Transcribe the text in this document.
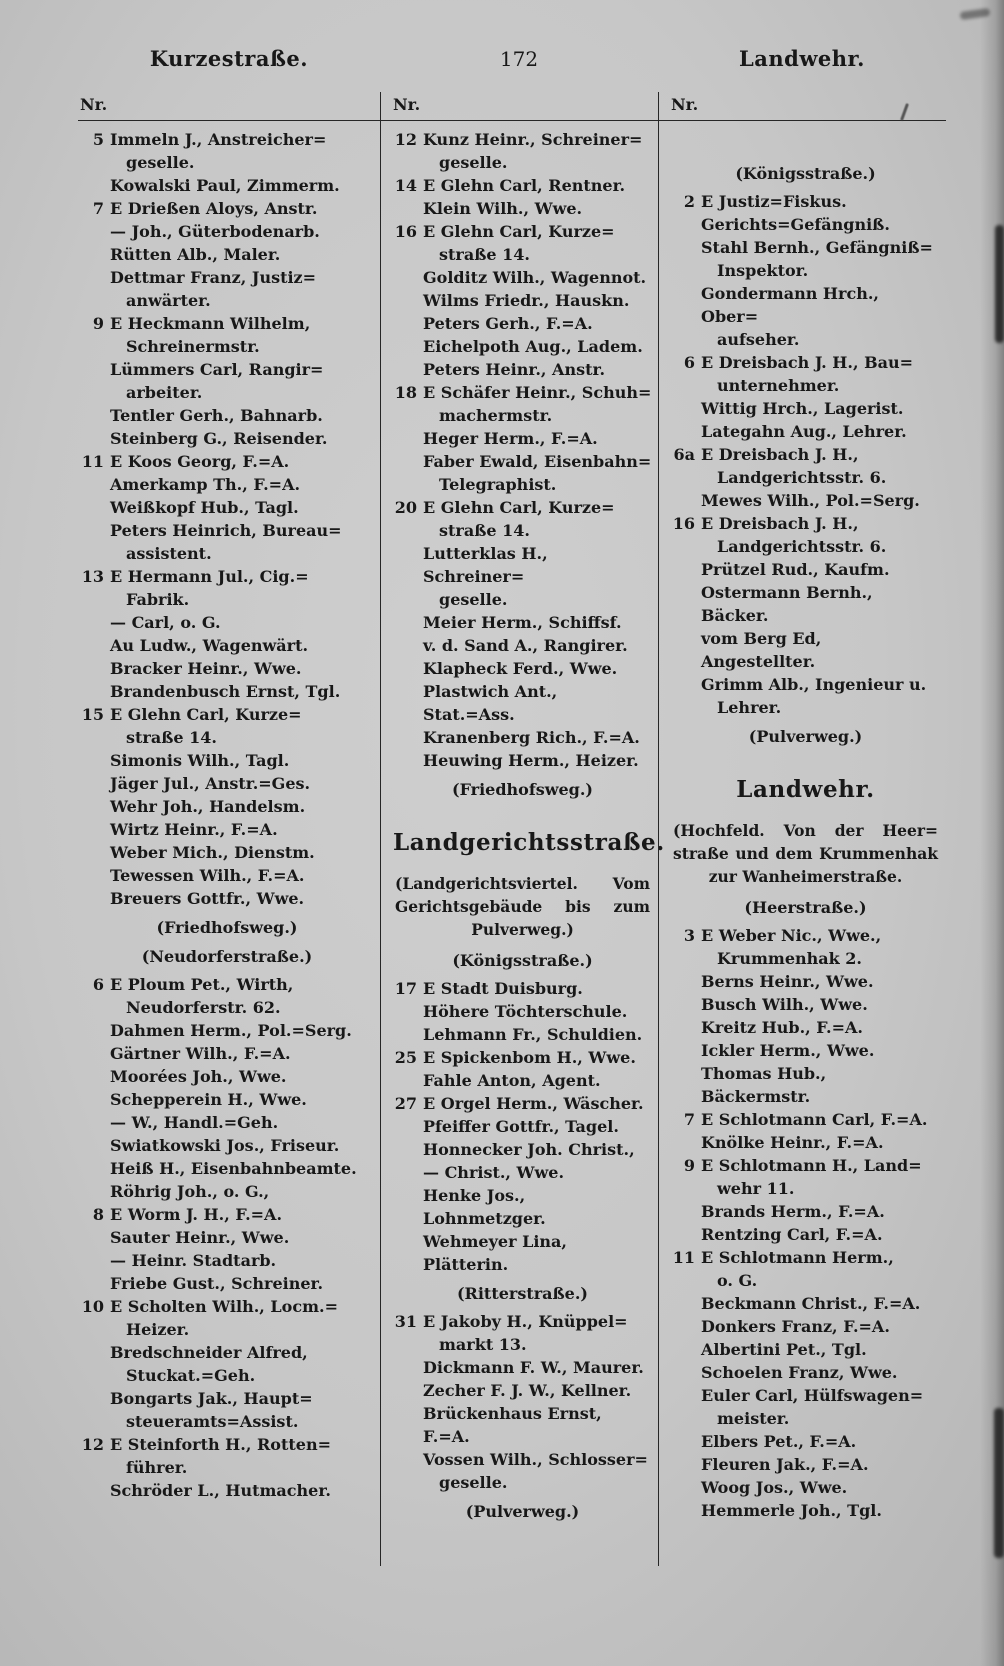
Kurzestraße.	172	Landwehr.
Nr.
5 Immeln J., Anstreicher=
geselle.
Kowalski Paul, Zimmerm.
7 E Drießen Aloys, Anstr.
— Joh., Güterbodenarb.
Rütten Alb., Maler.
Dettmar Franz, Justiz=
anwärter.
9 E Heckmann Wilhelm,
Schreinermstr.
Lümmers Carl, Rangir=
arbeiter.
Tentler Gerh., Bahnarb.
Steinberg G., Reisender.
11 E Koos Georg, F.=A.
Amerkamp Th., F.=A.
Weißkopf Hub., Tagl.
Peters Heinrich, Bureau=
assistent.
13 E Hermann Jul., Cig.=
Fabrik.
— Carl, o. G.
Au Ludw., Wagenwärt.
Bracker Heinr., Wwe.
Brandenbusch Ernst, Tgl.
15 E Glehn Carl, Kurze=
straße 14.
Simonis Wilh., Tagl.
Jäger Jul., Anstr.=Ges.
Wehr Joh., Handelsm.
Wirtz Heinr., F.=A.
Weber Mich., Dienstm.
Tewessen Wilh., F.=A.
Breuers Gottfr., Wwe.
(Friedhofsweg.)
(Neudorferstraße.)
6 E Ploum Pet., Wirth,
Neudorferstr. 62.
Dahmen Herm., Pol.=Serg.
Gärtner Wilh., F.=A.
Moorées Joh., Wwe.
Schepperein H., Wwe.
— W., Handl.=Geh.
Swiatkowski Jos., Friseur.
Heiß H., Eisenbahnbeamte.
Röhrig Joh., o. G.,
8 E Worm J. H., F.=A.
Sauter Heinr., Wwe.
— Heinr. Stadtarb.
Friebe Gust., Schreiner.
10 E Scholten Wilh., Locm.=
Heizer.
Bredschneider Alfred,
Stuckat.=Geh.
Bongarts Jak., Haupt=
steueramts=Assist.
12 E Steinforth H., Rotten=
führer.
Schröder L., Hutmacher.
Nr.
12 Kunz Heinr., Schreiner=
geselle.
14 E Glehn Carl, Rentner.
Klein Wilh., Wwe.
16 E Glehn Carl, Kurze=
straße 14.
Golditz Wilh., Wagennot.
Wilms Friedr., Hauskn.
Peters Gerh., F.=A.
Eichelpoth Aug., Ladem.
Peters Heinr., Anstr.
18 E Schäfer Heinr., Schuh=
machermstr.
Heger Herm., F.=A.
Faber Ewald, Eisenbahn=
Telegraphist.
20 E Glehn Carl, Kurze=
straße 14.
Lutterklas H., Schreiner=
geselle.
Meier Herm., Schiffsf.
v. d. Sand A., Rangirer.
Klapheck Ferd., Wwe.
Plastwich Ant., Stat.=Ass.
Kranenberg Rich., F.=A.
Heuwing Herm., Heizer.
(Friedhofsweg.)
Landgerichtsstraße.
(Landgerichtsviertel. Vom
Gerichtsgebäude bis zum
Pulverweg.)
(Königsstraße.)
17 E Stadt Duisburg.
Höhere Töchterschule.
Lehmann Fr., Schuldien.
25 E Spickenbom H., Wwe.
Fahle Anton, Agent.
27 E Orgel Herm., Wäscher.
Pfeiffer Gottfr., Tagel.
Honnecker Joh. Christ.,
— Christ., Wwe.
Henke Jos., Lohnmetzger.
Wehmeyer Lina, Plätterin.
(Ritterstraße.)
31 E Jakoby H., Knüppel=
markt 13.
Dickmann F. W., Maurer.
Zecher F. J. W., Kellner.
Brückenhaus Ernst, F.=A.
Vossen Wilh., Schlosser=
geselle.
(Pulverweg.)
Nr.
(Königsstraße.)
2 E Justiz=Fiskus.
Gerichts=Gefängniß.
Stahl Bernh., Gefängniß=
Inspektor.
Gondermann Hrch., Ober=
aufseher.
6 E Dreisbach J. H., Bau=
unternehmer.
Wittig Hrch., Lagerist.
Lategahn Aug., Lehrer.
6a E Dreisbach J. H.,
Landgerichtsstr. 6.
Mewes Wilh., Pol.=Serg.
16 E Dreisbach J. H.,
Landgerichtsstr. 6.
Prützel Rud., Kaufm.
Ostermann Bernh., Bäcker.
vom Berg Ed, Angestellter.
Grimm Alb., Ingenieur u.
Lehrer.
(Pulverweg.)
Landwehr.
(Hochfeld. Von der Heer=
straße und dem Krummenhak
zur Wanheimerstraße.
(Heerstraße.)
3 E Weber Nic., Wwe.,
Krummenhak 2.
Berns Heinr., Wwe.
Busch Wilh., Wwe.
Kreitz Hub., F.=A.
Ickler Herm., Wwe.
Thomas Hub., Bäckermstr.
7 E Schlotmann Carl, F.=A.
Knölke Heinr., F.=A.
9 E Schlotmann H., Land=
wehr 11.
Brands Herm., F.=A.
Rentzing Carl, F.=A.
11 E Schlotmann Herm.,
o. G.
Beckmann Christ., F.=A.
Donkers Franz, F.=A.
Albertini Pet., Tgl.
Schoelen Franz, Wwe.
Euler Carl, Hülfswagen=
meister.
Elbers Pet., F.=A.
Fleuren Jak., F.=A.
Woog Jos., Wwe.
Hemmerle Joh., Tgl.
